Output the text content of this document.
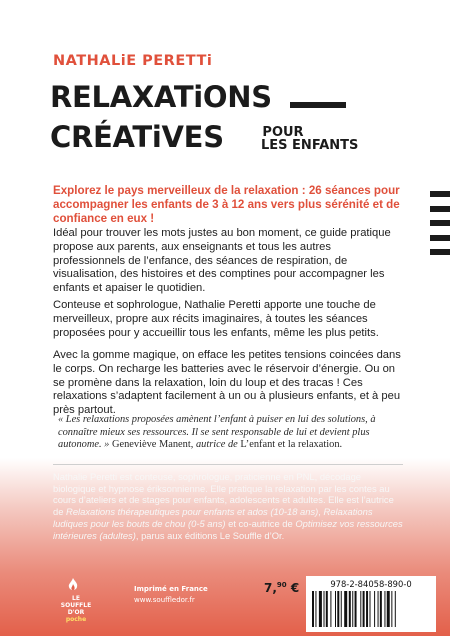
NATHALiE PERETTi
RELAXATiONS
CRÉATiVES	POUR
LES ENFANTS
Explorez le pays merveilleux de la relaxation : 26 séances pour accompagner les enfants de 3 à 12 ans vers plus sérénité et de confiance en eux !
Idéal pour trouver les mots justes au bon moment, ce guide pratique propose aux parents, aux enseignants et tous les autres professionnels de l’enfance, des séances de respiration, de visualisation, des histoires et des comptines pour accompagner les enfants et apaiser le quotidien.
Conteuse et sophrologue, Nathalie Peretti apporte une touche de merveilleux, propre aux récits imaginaires, à toutes les séances proposées pour y accueillir tous les enfants, même les plus petits.
Avec la gomme magique, on efface les petites tensions coincées dans le corps. On recharge les batteries avec le réservoir d’énergie. Ou on se promène dans la relaxation, loin du loup et des tracas ! Ces relaxations s’adaptent facilement à un ou à plusieurs enfants, et à peu près partout.
« Les relaxations proposées amènent l’enfant à puiser en lui des solutions, à connaître mieux ses ressources. Il se sent responsable de lui et devient plus autonome. » Geneviève Manent, autrice de L’enfant et la relaxation.
Nathalie Peretti est conteuse, sophrologue, praticienne en PNL, décodage biologique et hypnose ériksonnienne. Elle pratique la relaxation par les contes au cours d’ateliers et de stages pour enfants, adolescents et adultes. Elle est l’autrice de Relaxations thérapeutiques pour enfants et ados (10-18 ans), Relaxations ludiques pour les bouts de chou (0-5 ans) et co-autrice de Optimisez vos ressources intérieures (adultes), parus aux éditions Le Souffle d’Or.
LE
SOUFFLE
D'OR
poche
Imprimé en France
www.souffledor.fr
7,90 €	978-2-84058-890-0
